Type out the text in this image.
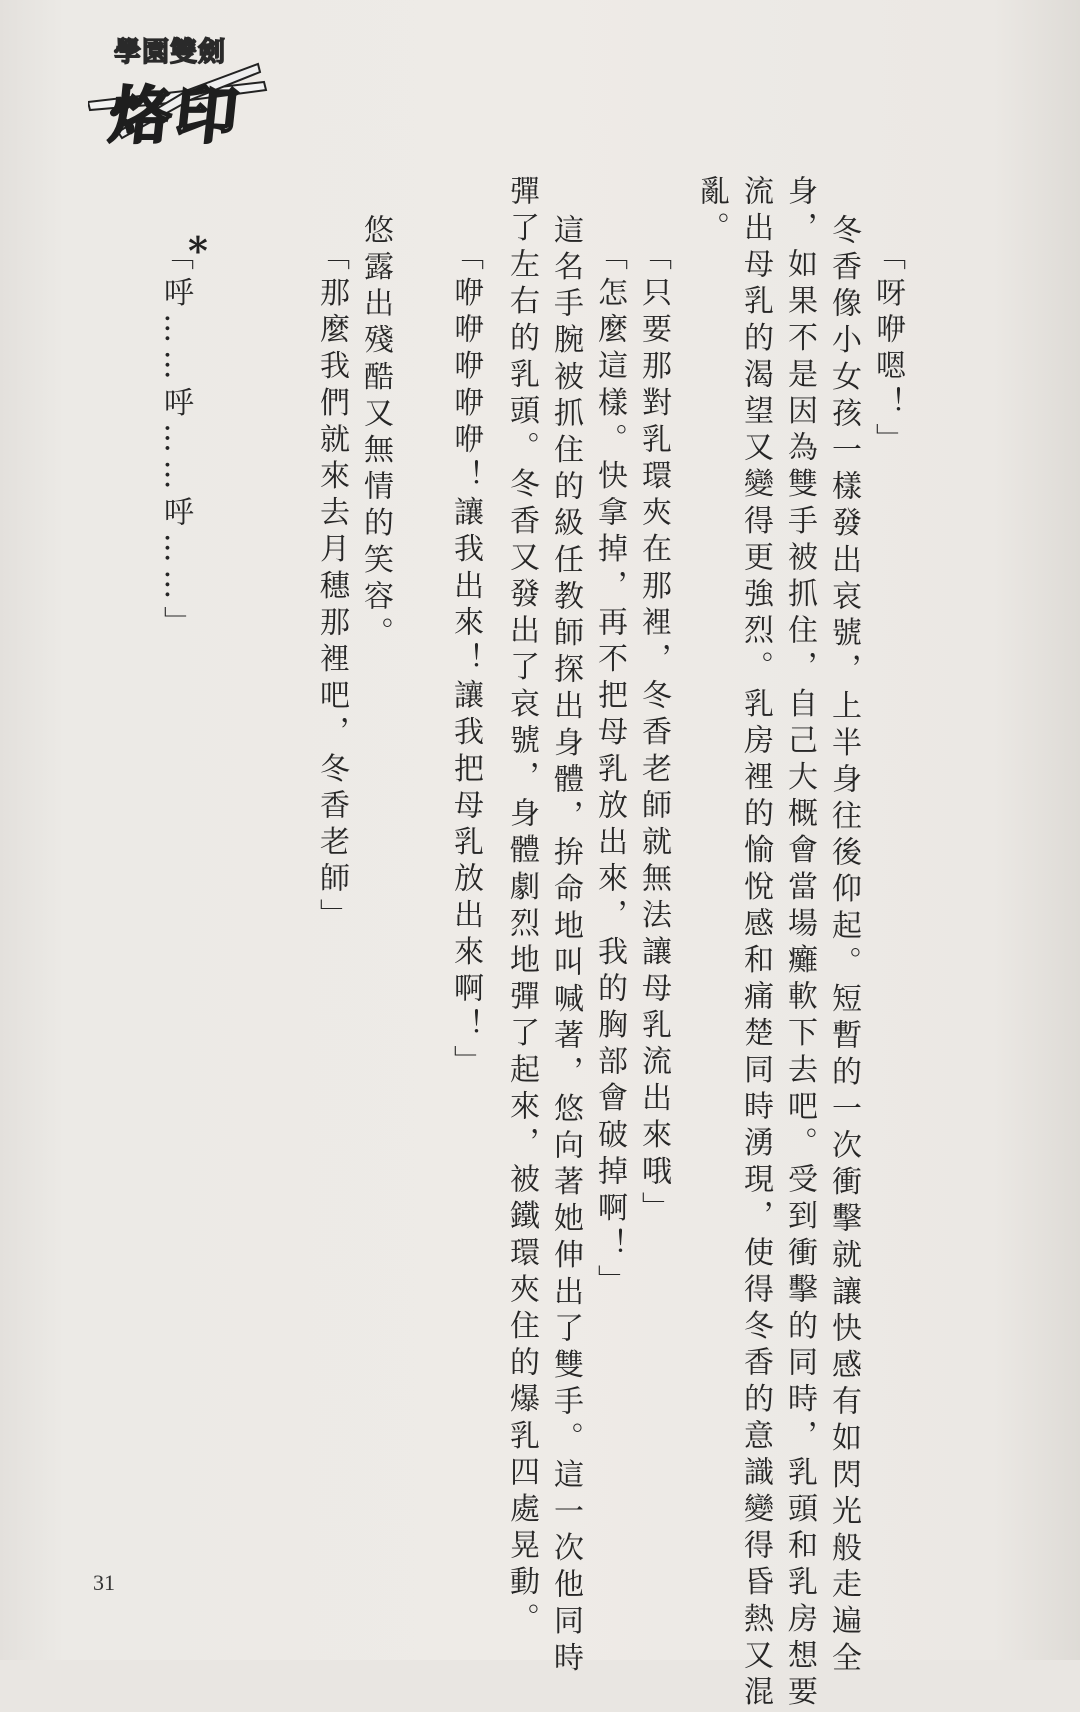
學園雙劍
烙印
「呀咿嗯！」
冬香像小女孩一樣發出哀號，上半身往後仰起。短暫的一次衝擊就讓快感有如閃光般走遍全
身，如果不是因為雙手被抓住，自己大概會當場癱軟下去吧。受到衝擊的同時，乳頭和乳房想要
流出母乳的渴望又變得更強烈。乳房裡的愉悅感和痛楚同時湧現，使得冬香的意識變得昏熱又混
亂。
「只要那對乳環夾在那裡，冬香老師就無法讓母乳流出來哦」
「怎麼這樣。快拿掉，再不把母乳放出來，我的胸部會破掉啊！」
這名手腕被抓住的級任教師探出身體，拚命地叫喊著，悠向著她伸出了雙手。這一次他同時
彈了左右的乳頭。冬香又發出了哀號，身體劇烈地彈了起來，被鐵環夾住的爆乳四處晃動。
「咿咿咿咿咿！讓我出來！讓我把母乳放出來啊！」
悠露出殘酷又無情的笑容。
「那麼我們就來去月穗那裡吧，冬香老師」
「呼……呼……呼……」
*
31
